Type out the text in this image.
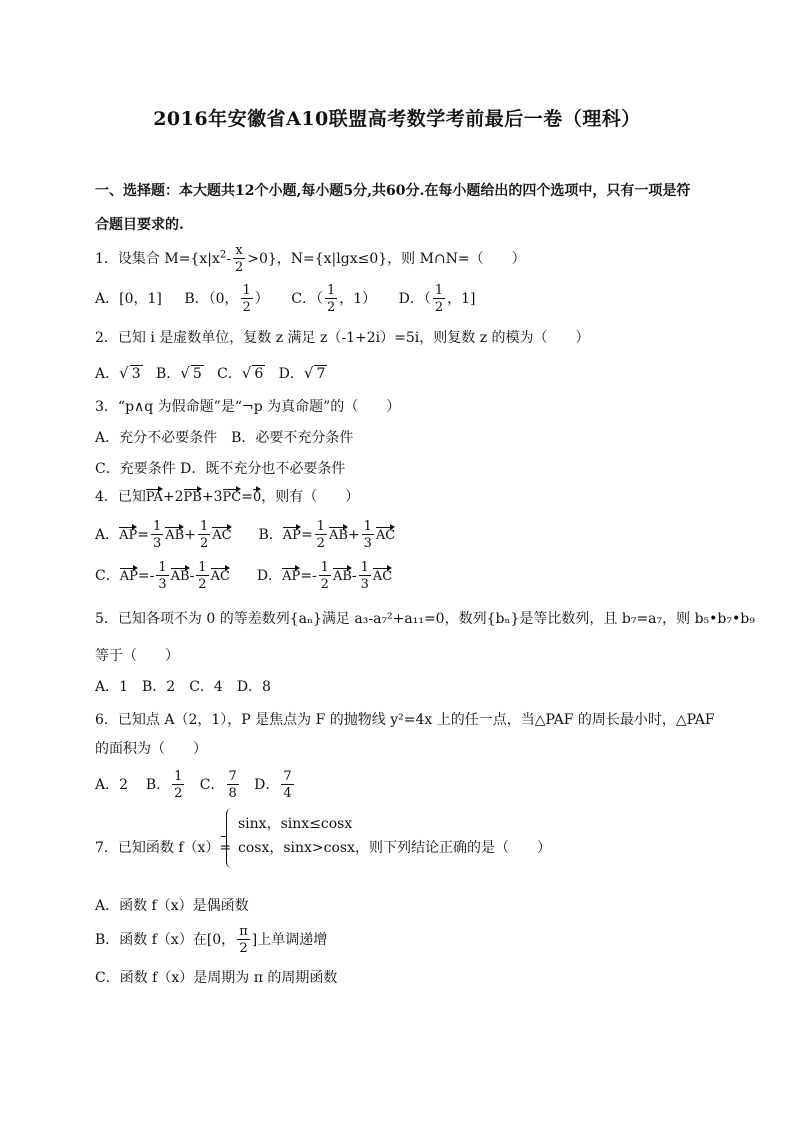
2016年安徽省A10联盟高考数学考前最后一卷（理科）
一、选择题：本大题共12个小题,每小题5分,共60分.在每小题给出的四个选项中，只有一项是符
合题目要求的.
1．设集合 $M=\{x|x^2- \frac{x}{2} >0\}$，N={x|lgx≤0}，则 M∩N=（　　）
A．[0，1] B．（0， $\frac{1}{2}$ ） C．（ $\frac{1}{2}$ ，1） D．（ $\frac{1}{2}$ ，1]
2．已知 i 是虚数单位，复数 z 满足 z（-1+2i）=5i，则复数 z 的模为（　　）
A．√ 3 B．√ 5 C．√ 6 D．√ 7
3．“p∧q 为假命题”是“¬p 为真命题”的（　　）
A．充分不必要条件　B．必要不充分条件
C．充要条件 D．既不充分也不必要条件
4．已知PA+2PB+3PC=0，则有（　　）
A．$AP= \frac{1}{3} AB+ \frac{1}{2}$ AC B．$AP= \frac{1}{2} AB+ \frac{1}{3}$ AC
C．$AP=- \frac{1}{3} AB- \frac{1}{2}$ AC D．$AP=- \frac{1}{2} AB- \frac{1}{3}$ AC
5．已知各项不为 0 的等差数列{aₙ}满足 a₃-a₇²+a₁₁=0，数列{bₙ}是等比数列，且 b₇=a₇，则 b₅•b₇•b₉
等于（　　）
A．1　B．2　C．4　D．8
6．已知点 A（2，1），P 是焦点为 F 的抛物线 y²=4x 上的任一点，当△PAF 的周长最小时，△PAF
的面积为（　　）
A．2 B． $\frac{1}{2}$ C． $\frac{7}{8}$ D． $\frac{7}{4}$
7．已知函数 f（x）=
sinx，sinx≤cosx
cosx，sinx>cosx，则下列结论正确的是（　　）
A．函数 f（x）是偶函数
B．函数 f（x）在[0， $\frac{\pi}{2}$ ]上单调递增
C．函数 f（x）是周期为 π 的周期函数
